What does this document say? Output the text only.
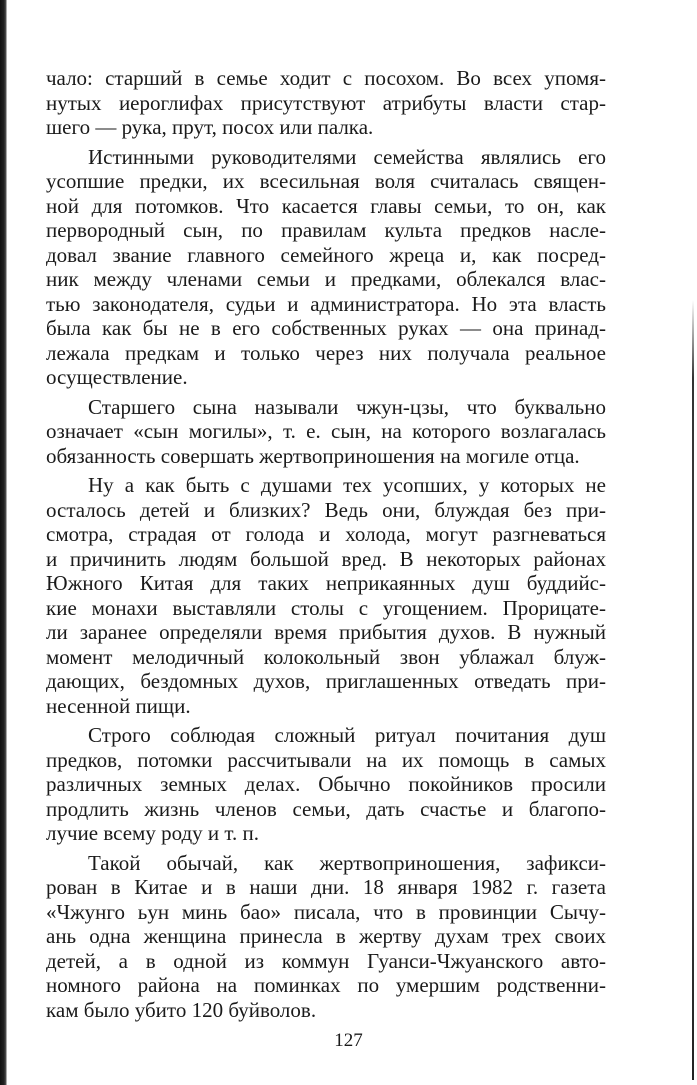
чало: старший в семье ходит с посохом. Во всех упомя-
нутых иероглифах присутствуют атрибуты власти стар-
шего — рука, прут, посох или палка.
Истинными руководителями семейства являлись его
усопшие предки, их всесильная воля считалась священ-
ной для потомков. Что касается главы семьи, то он, как
первородный сын, по правилам культа предков наслe-
довал звание главного семейного жреца и, как посред-
ник между членами семьи и предками, облекался влас-
тью законодателя, судьи и администратора. Но эта власть
была как бы не в его собственных руках — она принад-
лежала предкам и только через них получала реальное
осуществление.
Старшего сына называли чжун-цзы, что буквально
означает «сын могилы», т. е. сын, на которого возлагалась
обязанность совершать жертвоприношения на могиле отца.
Ну а как быть с душами тех усопших, у которых не
осталось детей и близких? Ведь они, блуждая без при-
смотра, страдая от голода и холода, могут разгневаться
и причинить людям большой вред. В некоторых районах
Южного Китая для таких неприкаянных душ буддийс-
кие монахи выставляли столы с угощением. Прорицате-
ли заранее определяли время прибытия духов. В нужный
момент мелодичный колокольный звон ублажал блуж-
дающих, бездомных духов, приглашенных отведать при-
несенной пищи.
Строго соблюдая сложный ритуал почитания душ
предков, потомки рассчитывали на их помощь в самых
различных земных делах. Обычно покойников просили
продлить жизнь членов семьи, дать счастье и благопо-
лучие всему роду и т. п.
Такой обычай, как жертвоприношения, зафикси-
рован в Китае и в наши дни. 18 января 1982 г. газета
«Чжунго ьун минь бао» писала, что в провинции Сычу-
ань одна женщина принесла в жертву духам трех своих
детей, а в одной из коммун Гуанси-Чжуанского авто-
номного района на поминках по умершим родственни-
кам было убито 120 буйволов.
127
